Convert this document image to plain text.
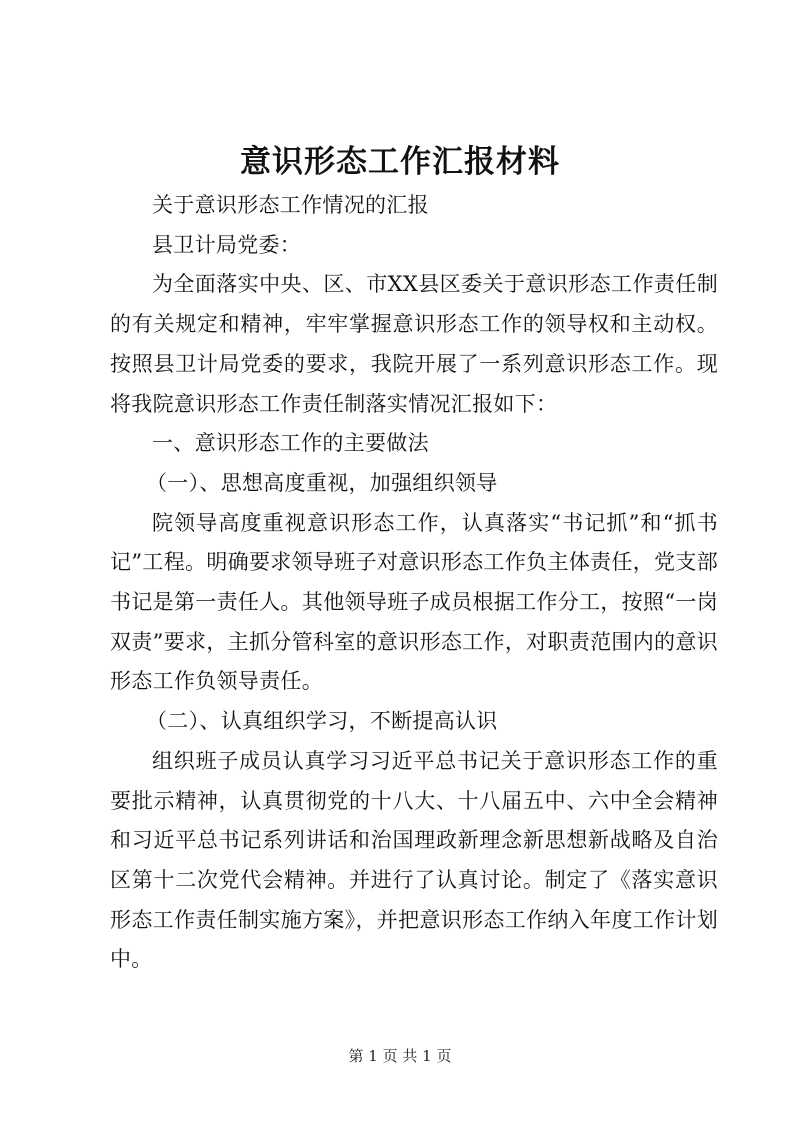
意识形态工作汇报材料

关于意识形态工作情况的汇报

县卫计局党委：

为全面落实中央、区、市XX县区委关于意识形态工作责任制的有关规定和精神，牢牢掌握意识形态工作的领导权和主动权。按照县卫计局党委的要求，我院开展了一系列意识形态工作。现将我院意识形态工作责任制落实情况汇报如下：

一、意识形态工作的主要做法

（一）、思想高度重视，加强组织领导

院领导高度重视意识形态工作，认真落实“书记抓”和“抓书记”工程。明确要求领导班子对意识形态工作负主体责任，党支部书记是第一责任人。其他领导班子成员根据工作分工，按照“一岗双责”要求，主抓分管科室的意识形态工作，对职责范围内的意识形态工作负领导责任。

（二）、认真组织学习，不断提高认识

组织班子成员认真学习习近平总书记关于意识形态工作的重要批示精神，认真贯彻党的十八大、十八届五中、六中全会精神和习近平总书记系列讲话和治国理政新理念新思想新战略及自治区第十二次党代会精神。并进行了认真讨论。制定了《落实意识形态工作责任制实施方案》，并把意识形态工作纳入年度工作计划中。

第 1 页 共 1 页
